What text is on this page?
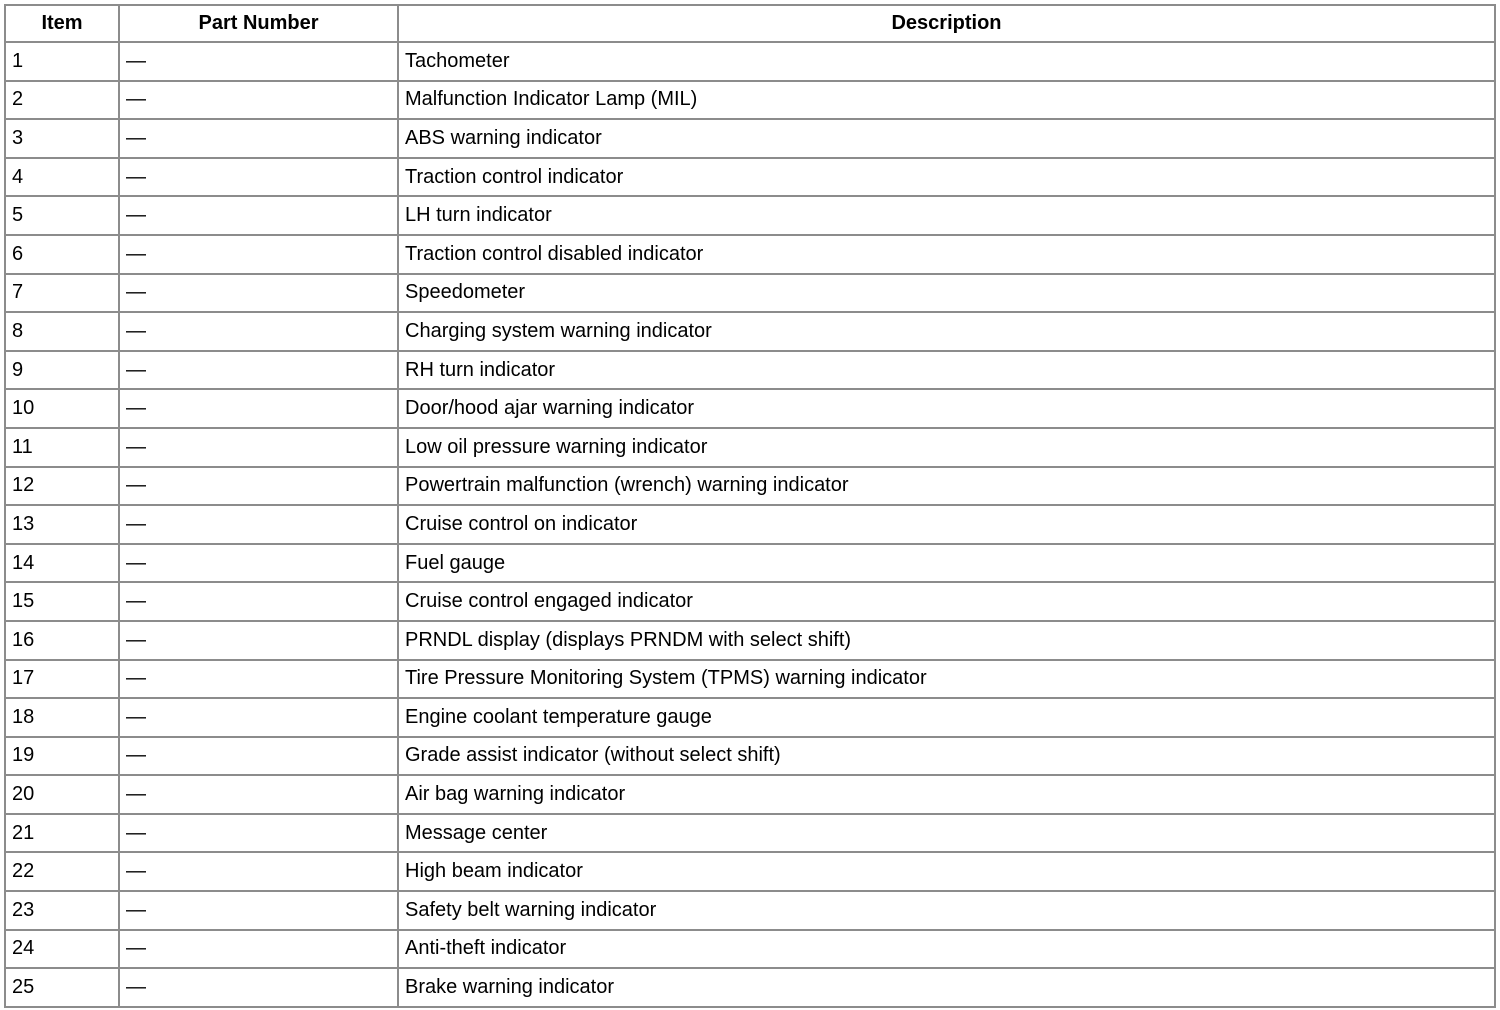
Item	Part Number	Description
1	—	Tachometer
2	—	Malfunction Indicator Lamp (MIL)
3	—	ABS warning indicator
4	—	Traction control indicator
5	—	LH turn indicator
6	—	Traction control disabled indicator
7	—	Speedometer
8	—	Charging system warning indicator
9	—	RH turn indicator
10	—	Door/hood ajar warning indicator
11	—	Low oil pressure warning indicator
12	—	Powertrain malfunction (wrench) warning indicator
13	—	Cruise control on indicator
14	—	Fuel gauge
15	—	Cruise control engaged indicator
16	—	PRNDL display (displays PRNDM with select shift)
17	—	Tire Pressure Monitoring System (TPMS) warning indicator
18	—	Engine coolant temperature gauge
19	—	Grade assist indicator (without select shift)
20	—	Air bag warning indicator
21	—	Message center
22	—	High beam indicator
23	—	Safety belt warning indicator
24	—	Anti-theft indicator
25	—	Brake warning indicator
